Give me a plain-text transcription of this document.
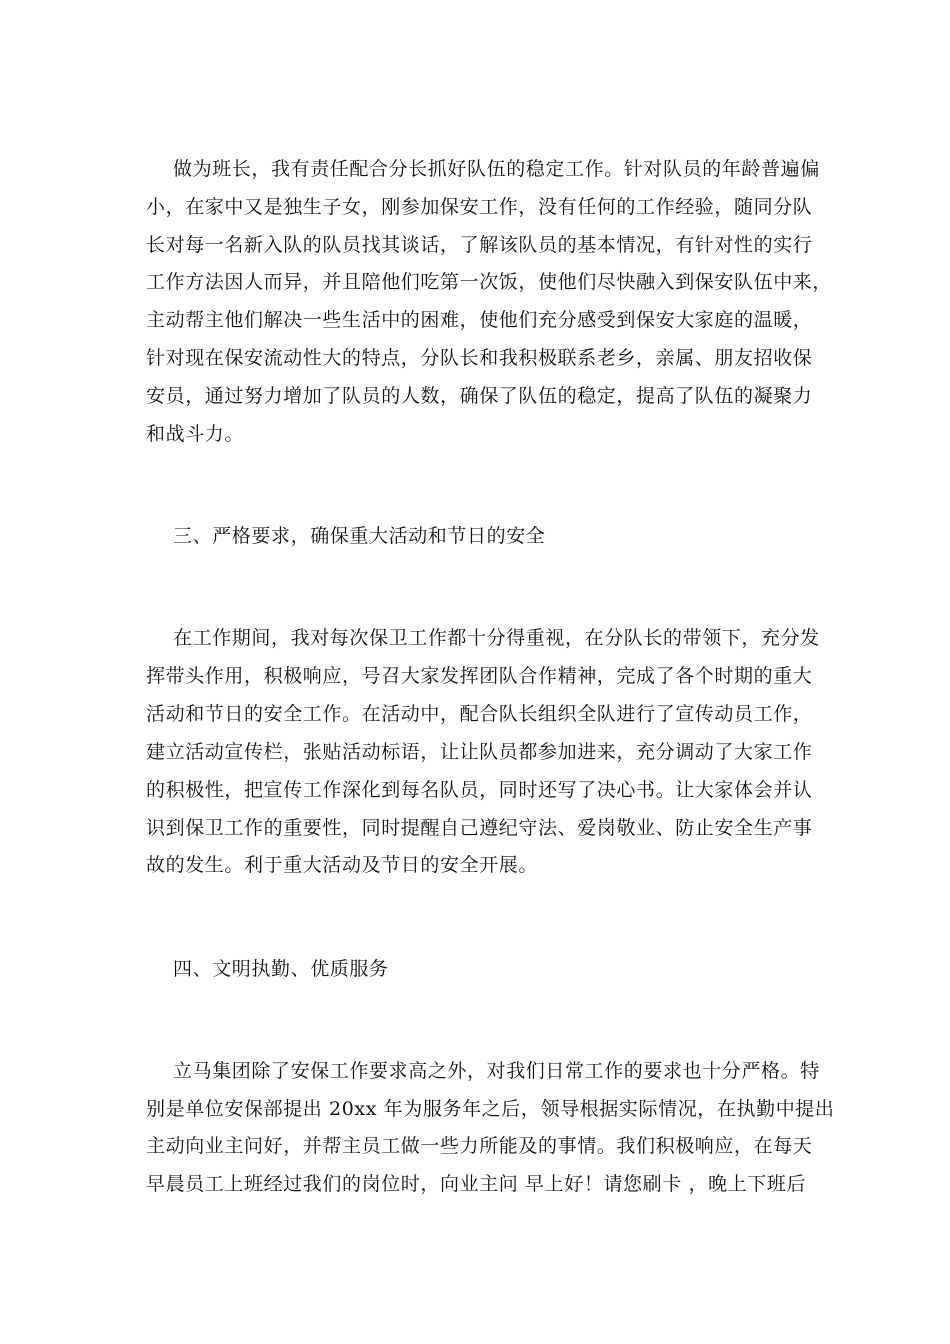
做为班长，我有责任配合分长抓好队伍的稳定工作。针对队员的年龄普遍偏
小，在家中又是独生子女，刚参加保安工作，没有任何的工作经验，随同分队
长对每一名新入队的队员找其谈话，了解该队员的基本情况，有针对性的实行
工作方法因人而异，并且陪他们吃第一次饭，使他们尽快融入到保安队伍中来，
主动帮主他们解决一些生活中的困难，使他们充分感受到保安大家庭的温暖，
针对现在保安流动性大的特点，分队长和我积极联系老乡，亲属、朋友招收保
安员，通过努力增加了队员的人数，确保了队伍的稳定，提高了队伍的凝聚力
和战斗力。
三、严格要求，确保重大活动和节日的安全
在工作期间，我对每次保卫工作都十分得重视，在分队长的带领下，充分发
挥带头作用，积极响应，号召大家发挥团队合作精神，完成了各个时期的重大
活动和节日的安全工作。在活动中，配合队长组织全队进行了宣传动员工作，
建立活动宣传栏，张贴活动标语，让让队员都参加进来，充分调动了大家工作
的积极性，把宣传工作深化到每名队员，同时还写了决心书。让大家体会并认
识到保卫工作的重要性，同时提醒自己遵纪守法、爱岗敬业、防止安全生产事
故的发生。利于重大活动及节日的安全开展。
四、文明执勤、优质服务
立马集团除了安保工作要求高之外，对我们日常工作的要求也十分严格。特
别是单位安保部提出 20xx 年为服务年之后，领导根据实际情况，在执勤中提出
主动向业主问好，并帮主员工做一些力所能及的事情。我们积极响应，在每天
早晨员工上班经过我们的岗位时，向业主问 早上好！请您刷卡 ，晚上下班后
